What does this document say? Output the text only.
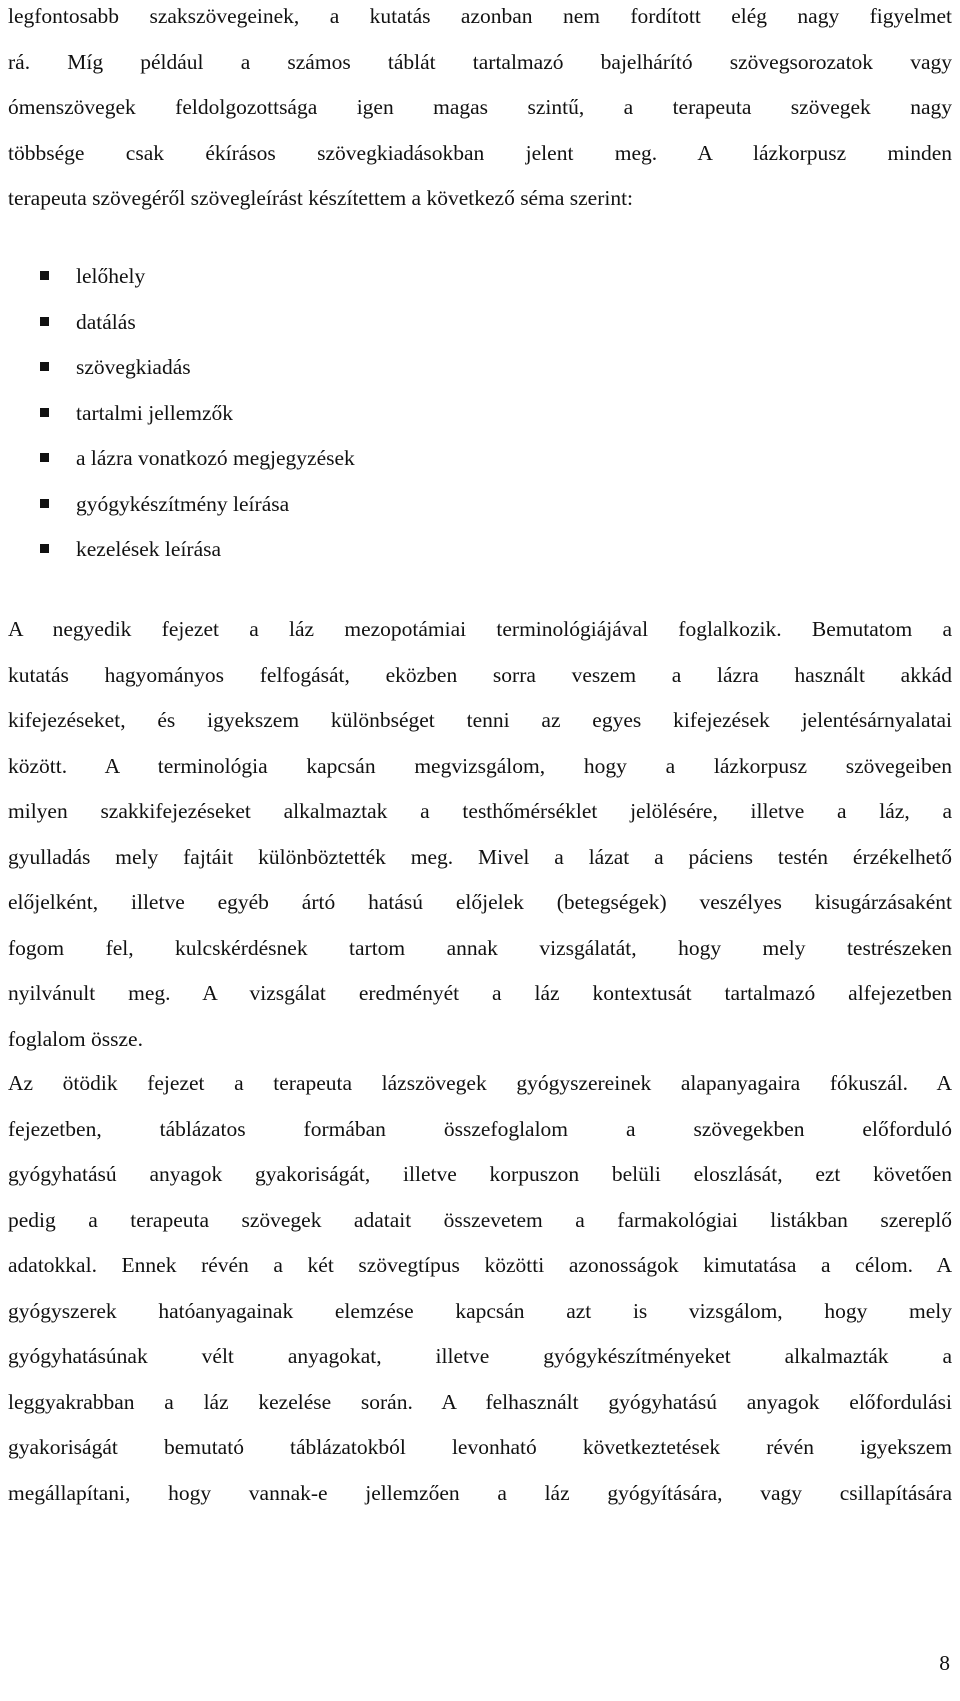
legfontosabb szakszövegeinek, a kutatás azonban nem fordított elég nagy figyelmet
rá. Míg például a számos táblát tartalmazó bajelhárító szövegsorozatok vagy
ómenszövegek feldolgozottsága igen magas szintű, a terapeuta szövegek nagy
többsége csak ékírásos szövegkiadásokban jelent meg. A lázkorpusz minden
terapeuta szövegéről szövegleírást készítettem a következő séma szerint:
lelőhely
datálás
szövegkiadás
tartalmi jellemzők
a lázra vonatkozó megjegyzések
gyógykészítmény leírása
kezelések leírása
A negyedik fejezet a láz mezopotámiai terminológiájával foglalkozik. Bemutatom a
kutatás hagyományos felfogását, eközben sorra veszem a lázra használt akkád
kifejezéseket, és igyekszem különbséget tenni az egyes kifejezések jelentésárnyalatai
között. A terminológia kapcsán megvizsgálom, hogy a lázkorpusz szövegeiben
milyen szakkifejezéseket alkalmaztak a testhőmérséklet jelölésére, illetve a láz, a
gyulladás mely fajtáit különböztették meg. Mivel a lázat a páciens testén érzékelhető
előjelként, illetve egyéb ártó hatású előjelek (betegségek) veszélyes kisugárzásaként
fogom fel, kulcskérdésnek tartom annak vizsgálatát, hogy mely testrészeken
nyilvánult meg. A vizsgálat eredményét a láz kontextusát tartalmazó alfejezetben
foglalom össze.
Az ötödik fejezet a terapeuta lázszövegek gyógyszereinek alapanyagaira fókuszál. A
fejezetben, táblázatos formában összefoglalom a szövegekben előforduló
gyógyhatású anyagok gyakoriságát, illetve korpuszon belüli eloszlását, ezt követően
pedig a terapeuta szövegek adatait összevetem a farmakológiai listákban szereplő
adatokkal. Ennek révén a két szövegtípus közötti azonosságok kimutatása a célom. A
gyógyszerek hatóanyagainak elemzése kapcsán azt is vizsgálom, hogy mely
gyógyhatásúnak vélt anyagokat, illetve gyógykészítményeket alkalmazták a
leggyakrabban a láz kezelése során. A felhasznált gyógyhatású anyagok előfordulási
gyakoriságát bemutató táblázatokból levonható következtetések révén igyekszem
megállapítani, hogy vannak-e jellemzően a láz gyógyítására, vagy csillapítására
8
